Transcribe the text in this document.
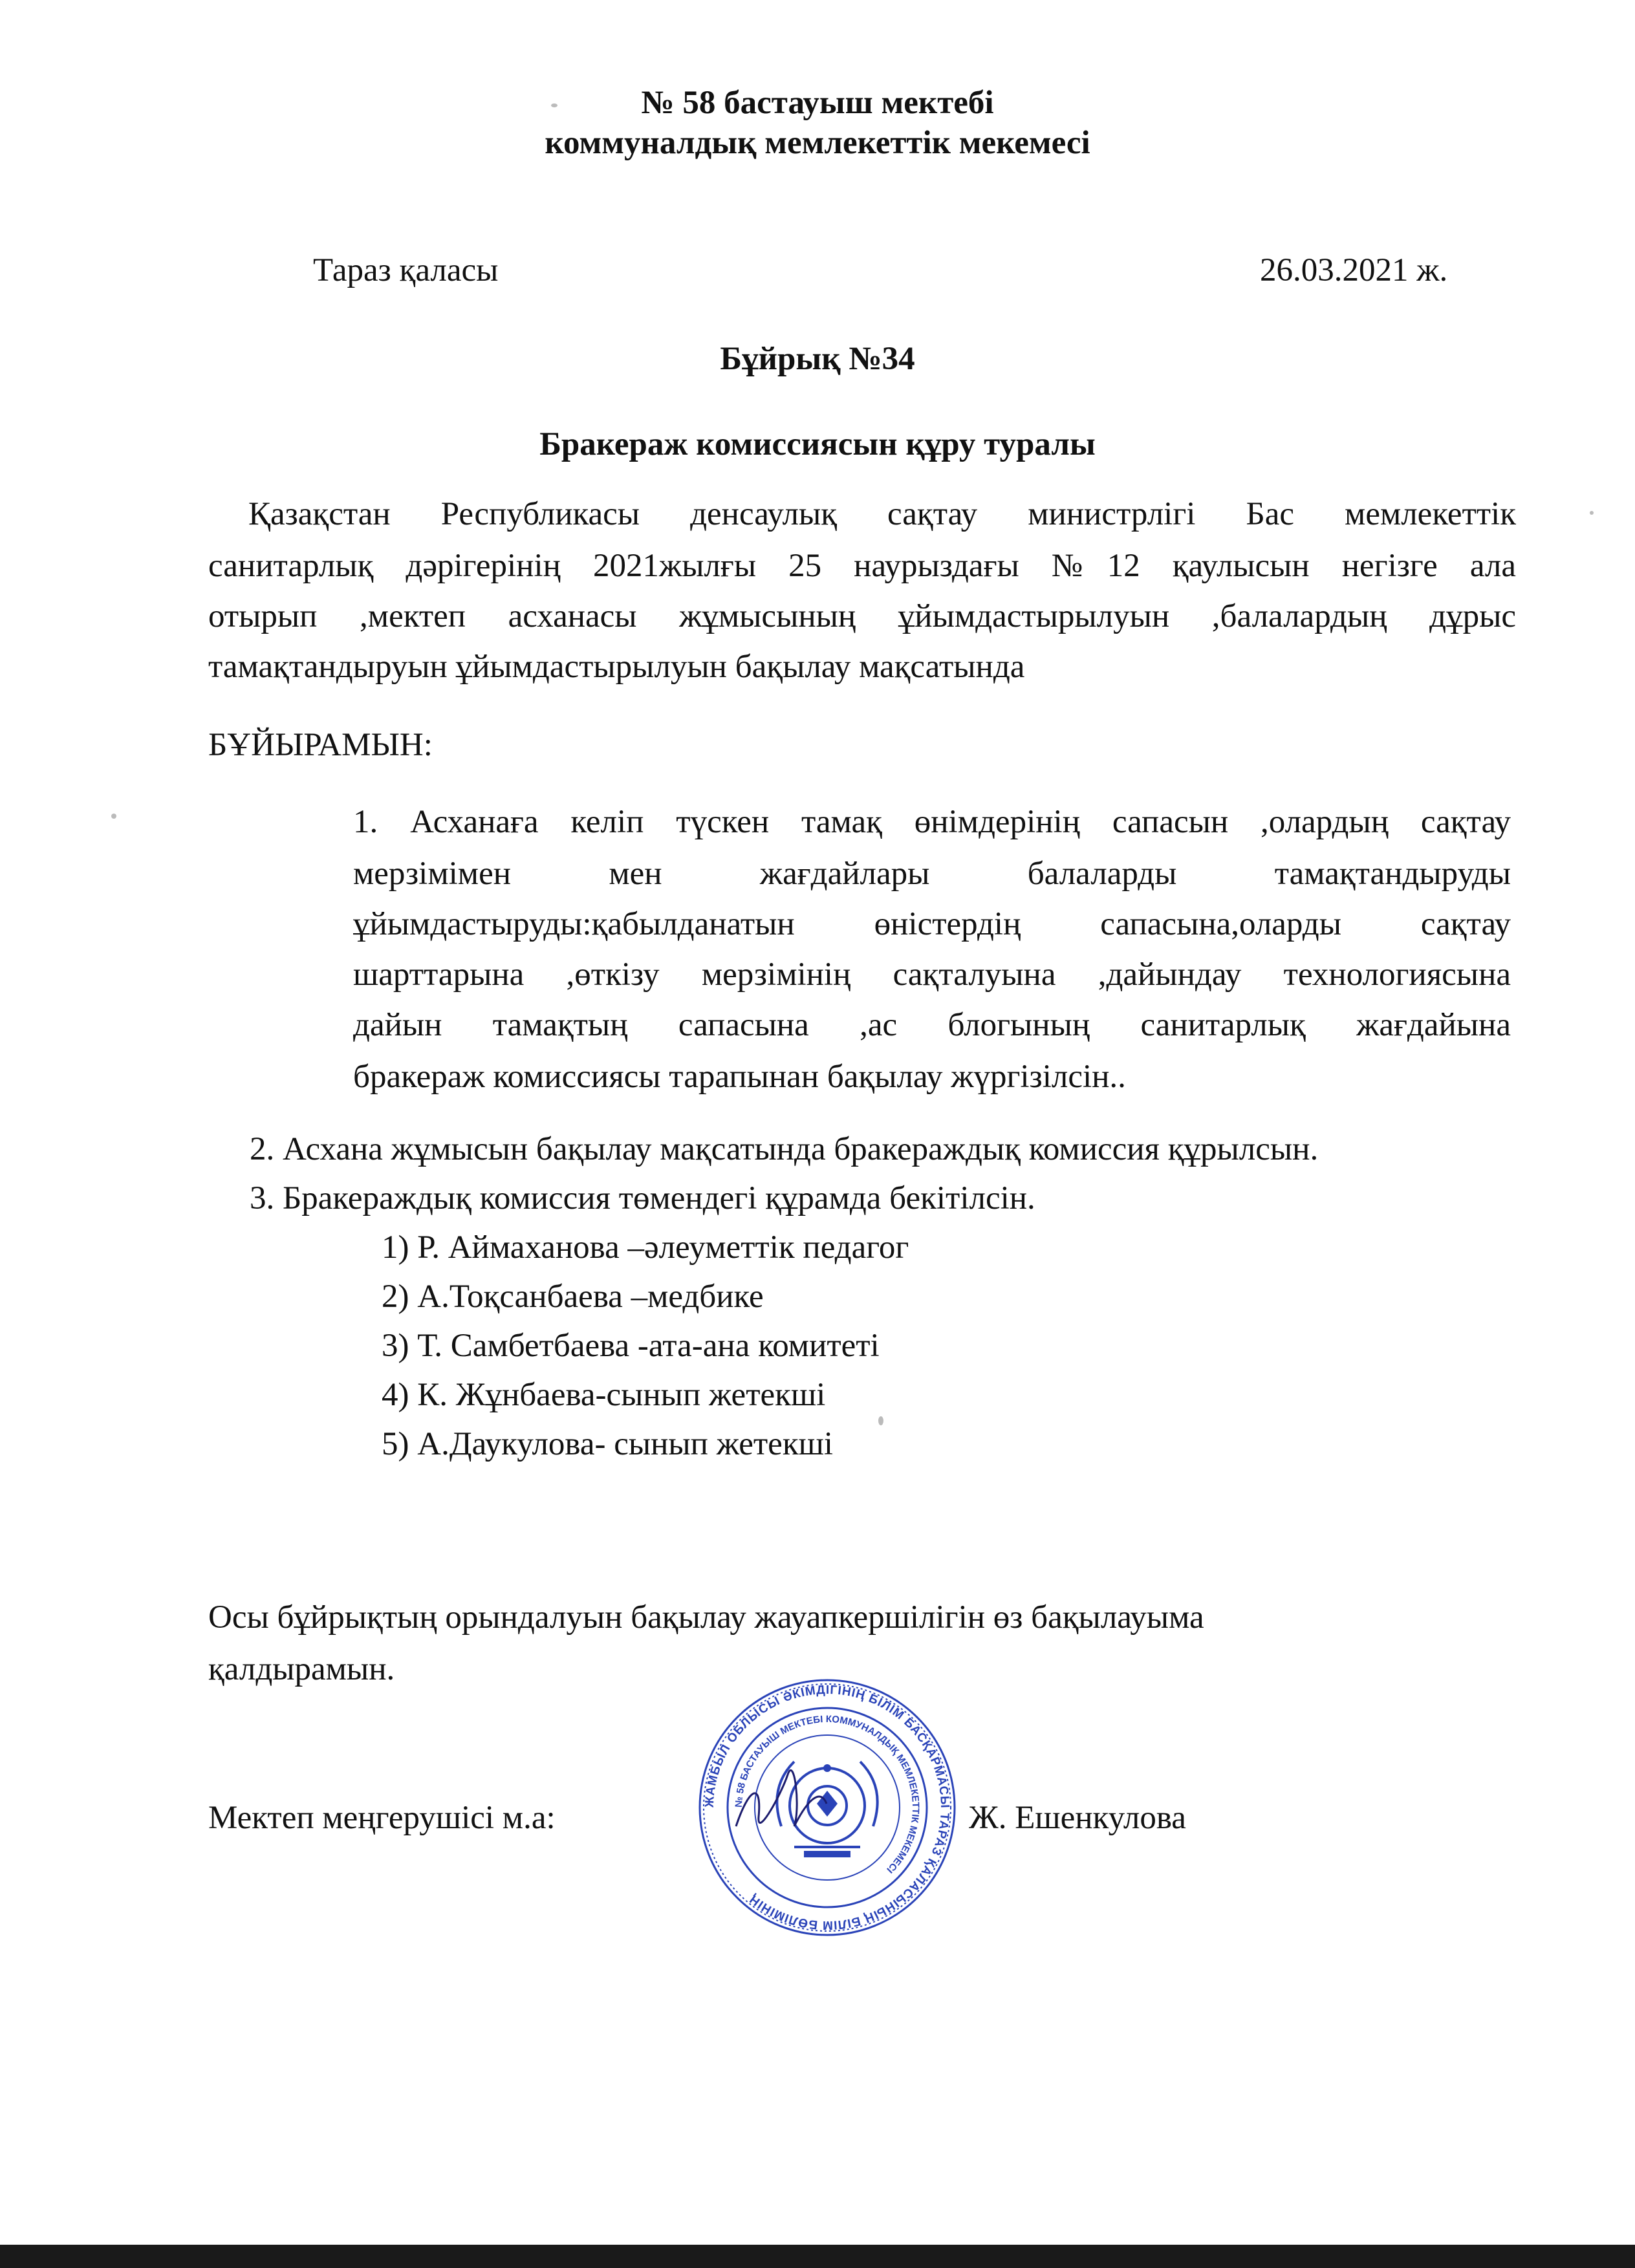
№ 58 бастауыш мектебі
коммуналдық мемлекеттік мекемесі
Тараз қаласы	26.03.2021 ж.
Бұйрық №34
Бракераж комиссиясын құру туралы
Қазақстан Республикасы денсаулық сақтау министрлігі Бас мемлекеттік
санитарлық дәрігерінің 2021жылғы 25 наурыздағы №12 қаулысын негізге ала
отырып ,мектеп асханасы жұмысының ұйымдастырылуын ,балалардың дұрыс
тамақтандыруын ұйымдастырылуын бақылау мақсатында
БҰЙЫРАМЫН:
1. Асханаға келіп түскен тамақ өнімдерінің сапасын ,олардың сақтау
мерзімімен мен жағдайлары балаларды тамақтандыруды
ұйымдастыруды:қабылданатын өністердің сапасына,оларды сақтау
шарттарына ,өткізу мерзімінің сақталуына ,дайындау технологиясына
дайын тамақтың сапасына ,ас блогының санитарлық жағдайына
бракераж комиссиясы тарапынан бақылау жүргізілсін..
2. Асхана жұмысын бақылау мақсатында бракераждық комиссия құрылсын.
3. Бракераждық комиссия төмендегі құрамда бекітілсін.
1) Р. Аймаханова –әлеуметтік педагог
2) А.Тоқсанбаева –медбике
3) Т. Самбетбаева -ата-ана комитеті
4) К. Жұнбаева-сынып жетекші
5) А.Даукулова- сынып жетекші
Осы бұйрықтың орындалуын бақылау жауапкершілігін өз бақылауыма
қалдырамын.
Мектеп меңгерушісі м.а:	ЖАМБЫЛ ОБЛЫСЫ ӘКІМДІГІНІҢ БІЛІМ БАСҚАРМАСЫ ТАРАЗ ҚАЛАСЫНЫҢ БІЛІМ БӨЛІМІНІҢ
№ 58 БАСТАУЫШ МЕКТЕБІ КОММУНАЛДЫҚ МЕМЛЕКЕТТІК МЕКЕМЕСІ
Ж. Ешенкулова
